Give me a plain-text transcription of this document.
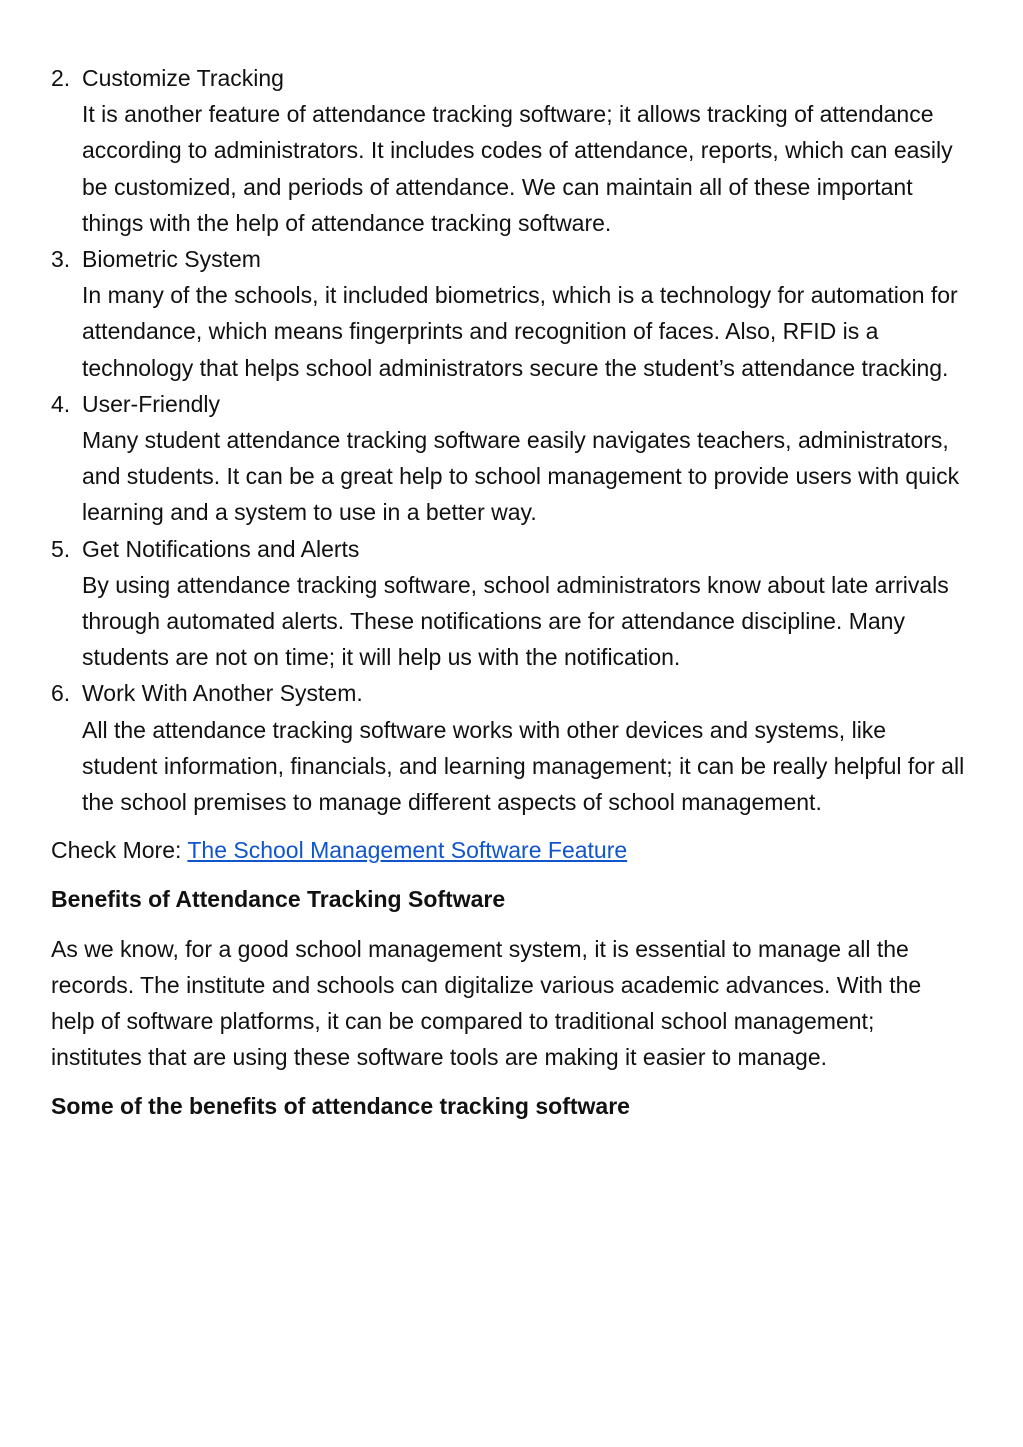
2. Customize Tracking

It is another feature of attendance tracking software; it allows tracking of attendance according to administrators. It includes codes of attendance, reports, which can easily be customized, and periods of attendance. We can maintain all of these important things with the help of attendance tracking software.

3. Biometric System

In many of the schools, it included biometrics, which is a technology for automation for attendance, which means fingerprints and recognition of faces. Also, RFID is a technology that helps school administrators secure the student’s attendance tracking.

4. User-Friendly

Many student attendance tracking software easily navigates teachers, administrators, and students. It can be a great help to school management to provide users with quick learning and a system to use in a better way.

5. Get Notifications and Alerts

By using attendance tracking software, school administrators know about late arrivals through automated alerts. These notifications are for attendance discipline. Many students are not on time; it will help us with the notification.

6. Work With Another System.

All the attendance tracking software works with other devices and systems, like student information, financials, and learning management; it can be really helpful for all the school premises to manage different aspects of school management.

Check More: The School Management Software Feature

Benefits of Attendance Tracking Software

As we know, for a good school management system, it is essential to manage all the records. The institute and schools can digitalize various academic advances. With the help of software platforms, it can be compared to traditional school management; institutes that are using these software tools are making it easier to manage.

Some of the benefits of attendance tracking software
